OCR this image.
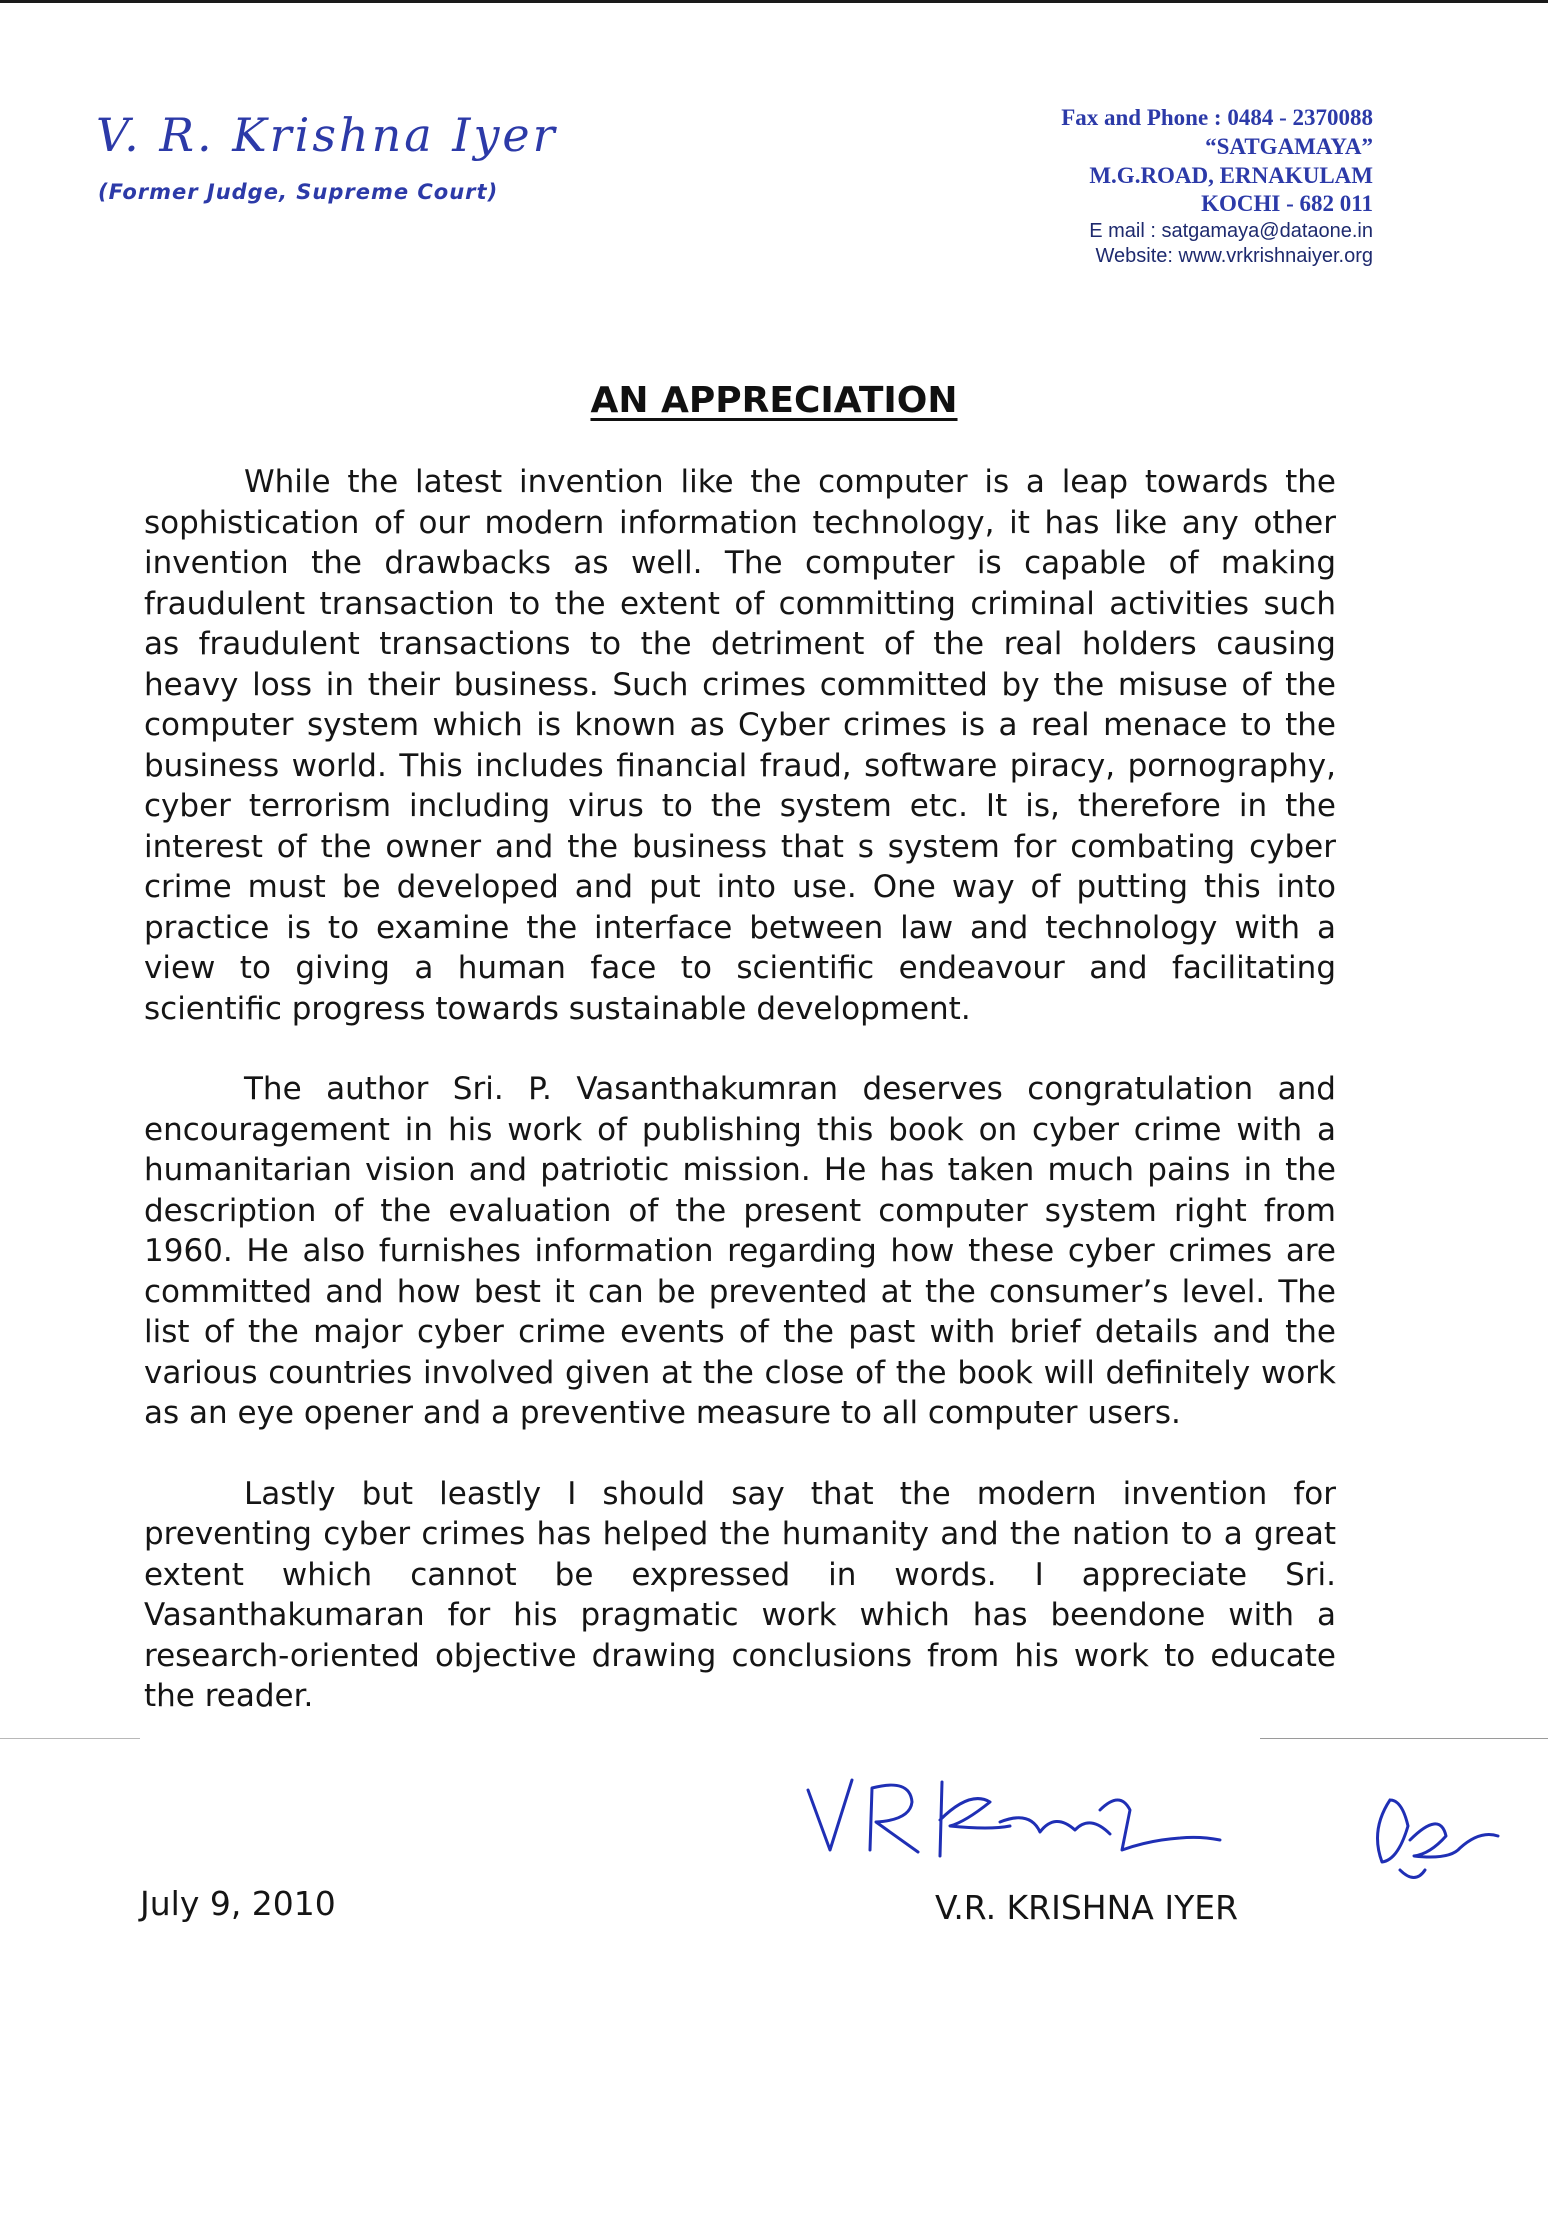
V. R. Krishna Iyer
(Former Judge, Supreme Court)
Fax and Phone : 0484 - 2370088
“SATGAMAYA”
M.G.ROAD, ERNAKULAM
KOCHI - 682 011
E mail : satgamaya@dataone.in
Website: www.vrkrishnaiyer.org
AN APPRECIATION

While the latest invention like the computer is a leap towards the sophistication of our modern information technology, it has like any other invention the drawbacks as well. The computer is capable of making fraudulent transaction to the extent of committing criminal activities such as fraudulent transactions to the detriment of the real holders causing heavy loss in their business. Such crimes committed by the misuse of the computer system which is known as Cyber crimes is a real menace to the business world. This includes financial fraud, software piracy, pornography, cyber terrorism including virus to the system etc. It is, therefore in the interest of the owner and the business that s system for combating cyber crime must be developed and put into use. One way of putting this into practice is to examine the interface between law and technology with a view to giving a human face to scientific endeavour and facilitating scientific progress towards sustainable development.

The author Sri. P. Vasanthakumran deserves congratulation and encouragement in his work of publishing this book on cyber crime with a humanitarian vision and patriotic mission. He has taken much pains in the description of the evaluation of the present computer system right from 1960. He also furnishes information regarding how these cyber crimes are committed and how best it can be prevented at the consumer’s level. The list of the major cyber crime events of the past with brief details and the various countries involved given at the close of the book will definitely work as an eye opener and a preventive measure to all computer users.

Lastly but leastly I should say that the modern invention for preventing cyber crimes has helped the humanity and the nation to a great extent which cannot be expressed in words. I appreciate Sri. Vasanthakumaran for his pragmatic work which has beendone with a research-oriented objective drawing conclusions from his work to educate the reader.

July 9, 2010	V.R. KRISHNA IYER
